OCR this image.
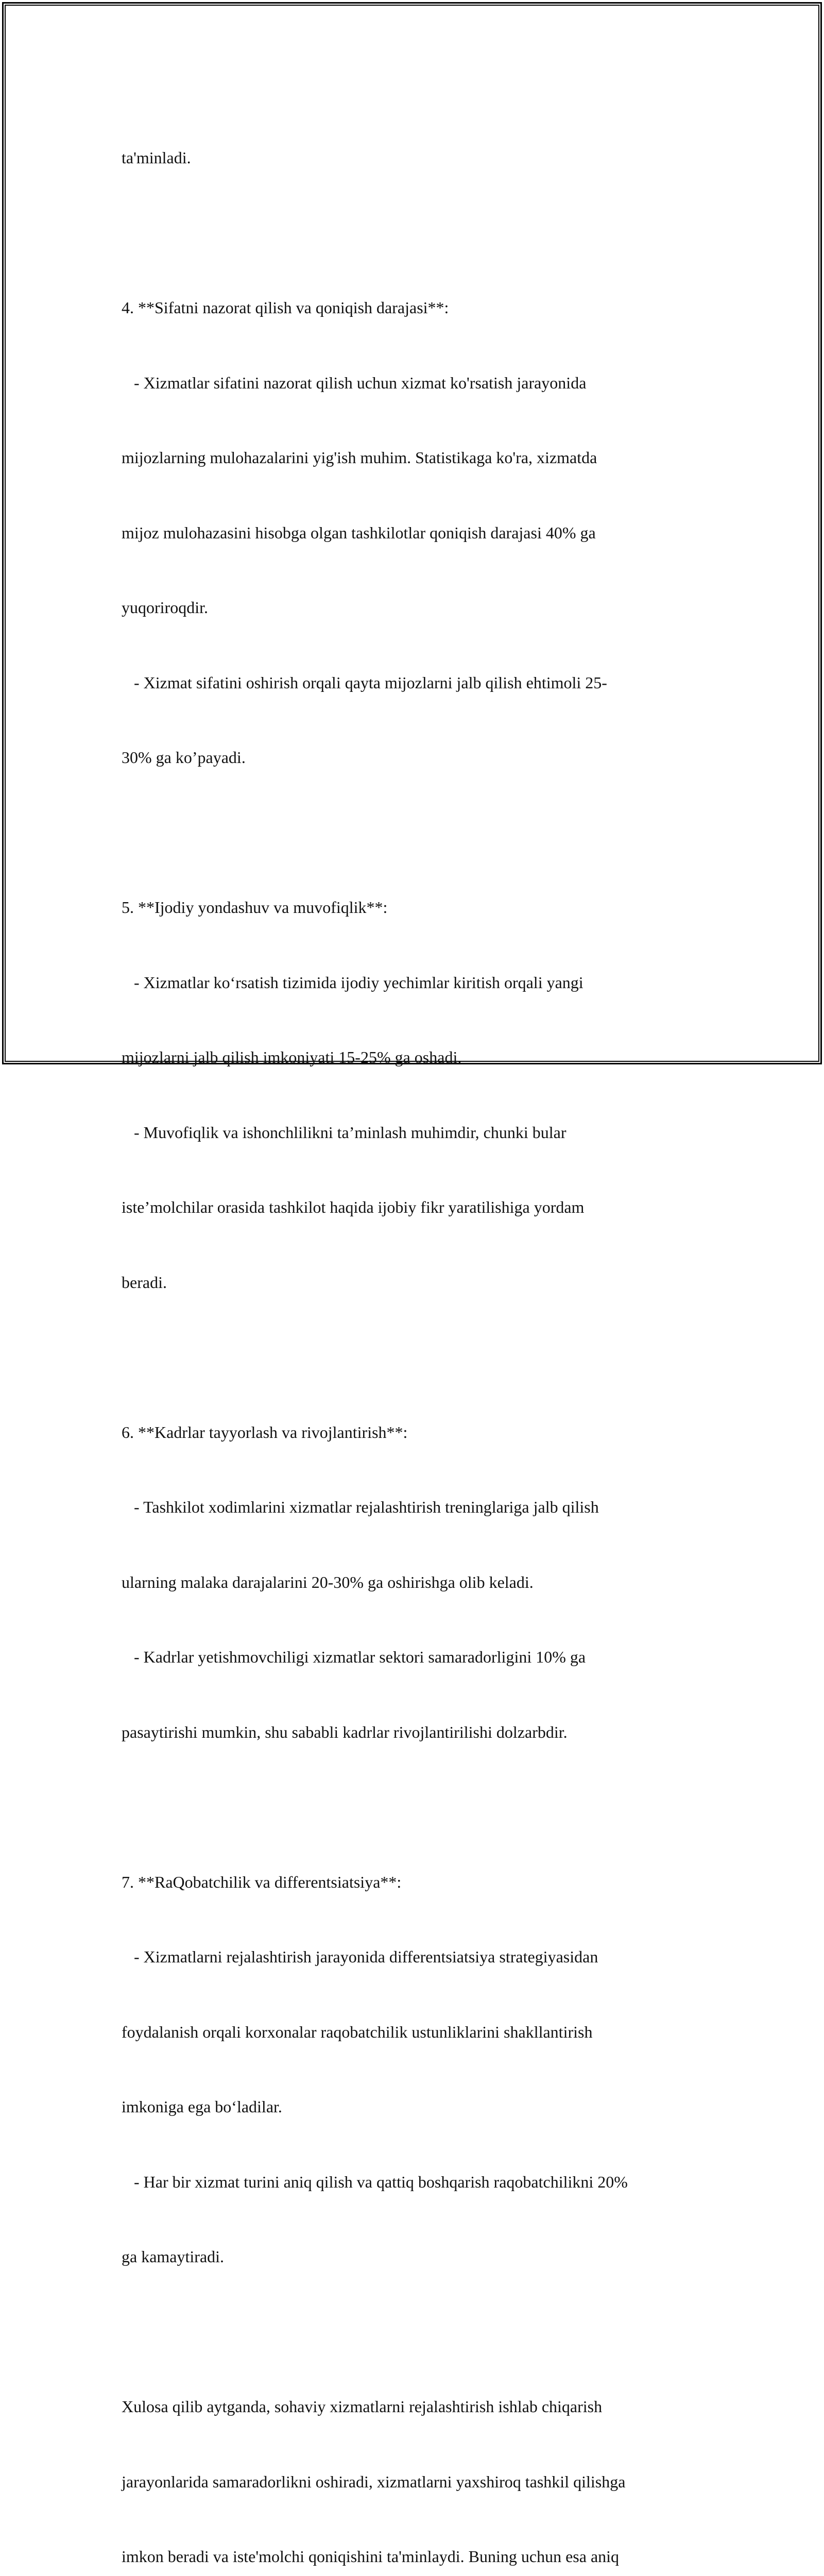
ta'minladi.

4. **Sifatni nazorat qilish va qoniqish darajasi**:

- Xizmatlar sifatini nazorat qilish uchun xizmat ko'rsatish jarayonida

mijozlarning mulohazalarini yig'ish muhim. Statistikaga ko'ra, xizmatda

mijoz mulohazasini hisobga olgan tashkilotlar qoniqish darajasi 40% ga

yuqoriroqdir.

- Xizmat sifatini oshirish orqali qayta mijozlarni jalb qilish ehtimoli 25-

30% ga ko’payadi.

5. **Ijodiy yondashuv va muvofiqlik**:

- Xizmatlar ko‘rsatish tizimida ijodiy yechimlar kiritish orqali yangi

mijozlarni jalb qilish imkoniyati 15-25% ga oshadi.

- Muvofiqlik va ishonchlilikni ta’minlash muhimdir, chunki bular

iste’molchilar orasida tashkilot haqida ijobiy fikr yaratilishiga yordam

beradi.

6. **Kadrlar tayyorlash va rivojlantirish**:

- Tashkilot xodimlarini xizmatlar rejalashtirish treninglariga jalb qilish

ularning malaka darajalarini 20-30% ga oshirishga olib keladi.

- Kadrlar yetishmovchiligi xizmatlar sektori samaradorligini 10% ga

pasaytirishi mumkin, shu sababli kadrlar rivojlantirilishi dolzarbdir.

7. **RaQobatchilik va differentsiatsiya**:

- Xizmatlarni rejalashtirish jarayonida differentsiatsiya strategiyasidan

foydalanish orqali korxonalar raqobatchilik ustunliklarini shakllantirish

imkoniga ega bo‘ladilar.

- Har bir xizmat turini aniq qilish va qattiq boshqarish raqobatchilikni 20%

ga kamaytiradi.

Xulosa qilib aytganda, sohaviy xizmatlarni rejalashtirish ishlab chiqarish

jarayonlarida samaradorlikni oshiradi, xizmatlarni yaxshiroq tashkil qilishga

imkon beradi va iste'molchi qoniqishini ta'minlaydi. Buning uchun esa aniq
